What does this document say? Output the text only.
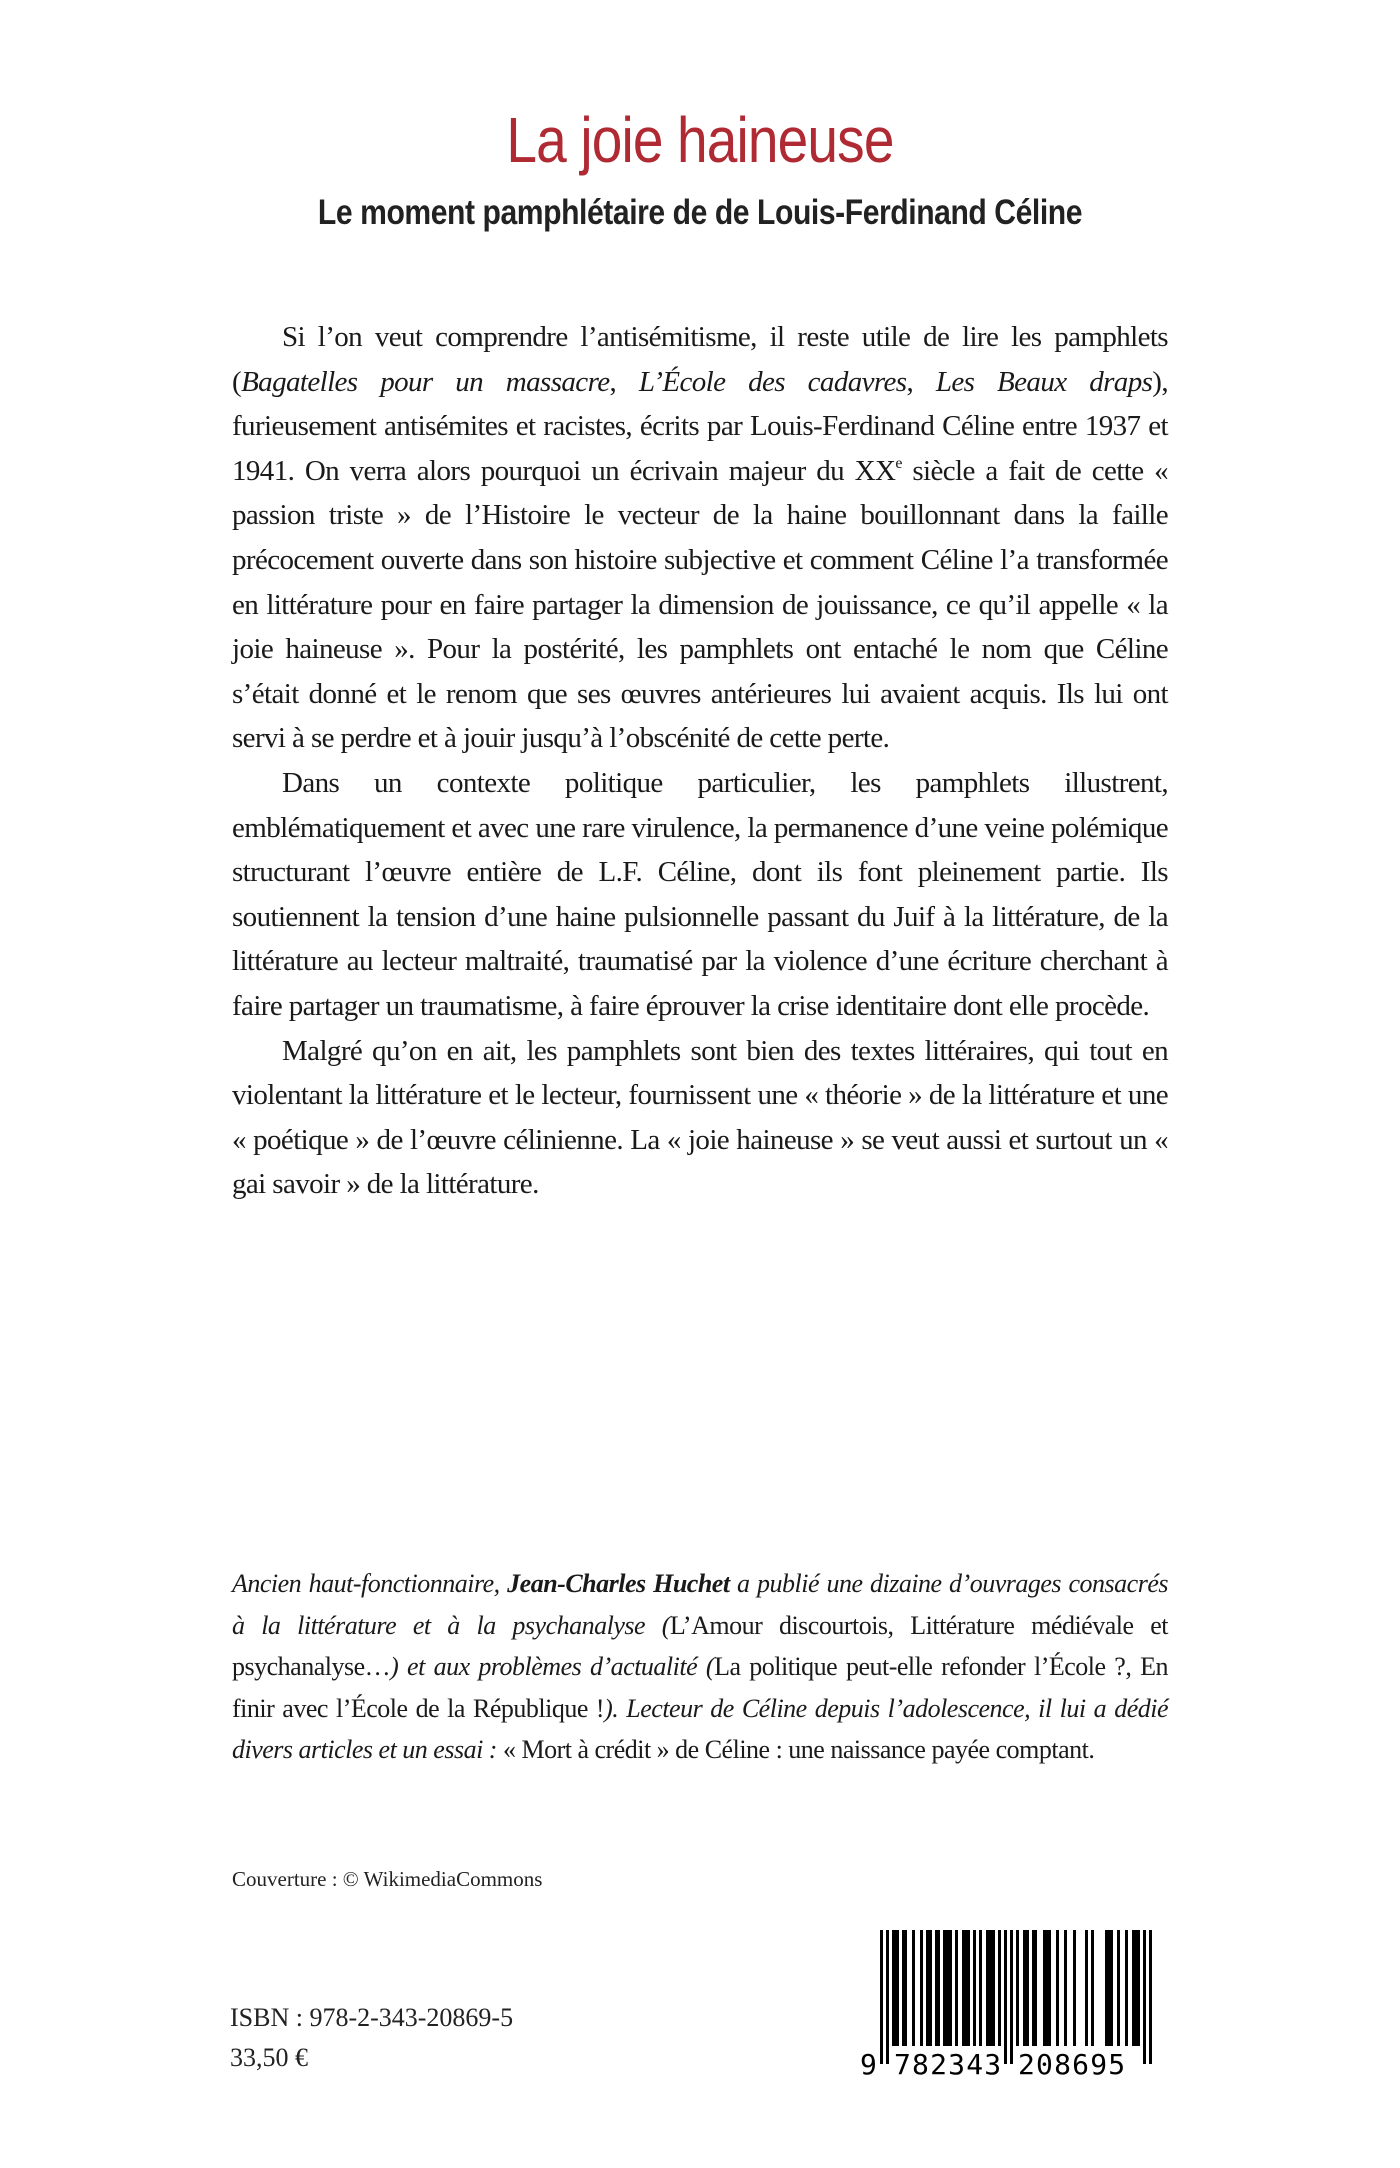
La joie haineuse
Le moment pamphlétaire de de Louis-Ferdinand Céline

Si l’on veut comprendre l’antisémitisme, il reste utile de lire les pamphlets (Bagatelles pour un massacre, L’École des cadavres, Les Beaux draps), furieusement antisémites et racistes, écrits par Louis-Ferdinand Céline entre 1937 et 1941. On verra alors pourquoi un écrivain majeur du XXe siècle a fait de cette « passion triste » de l’Histoire le vecteur de la haine bouillonnant dans la faille précocement ouverte dans son histoire subjective et comment Céline l’a transformée en littérature pour en faire partager la dimension de jouissance, ce qu’il appelle « la joie haineuse ». Pour la postérité, les pamphlets ont entaché le nom que Céline s’était donné et le renom que ses œuvres antérieures lui avaient acquis. Ils lui ont servi à se perdre et à jouir jusqu’à l’obscénité de cette perte.

Dans un contexte politique particulier, les pamphlets illustrent, emblématiquement et avec une rare virulence, la permanence d’une veine polémique structurant l’œuvre entière de L.F. Céline, dont ils font pleinement partie. Ils soutiennent la tension d’une haine pulsionnelle passant du Juif à la littérature, de la littérature au lecteur maltraité, traumatisé par la violence d’une écriture cherchant à faire partager un traumatisme, à faire éprouver la crise identitaire dont elle procède.

Malgré qu’on en ait, les pamphlets sont bien des textes littéraires, qui tout en violentant la littérature et le lecteur, fournissent une « théorie » de la littérature et une « poétique » de l’œuvre célinienne. La « joie haineuse » se veut aussi et surtout un « gai savoir » de la littérature.

Ancien haut-fonctionnaire, Jean-Charles Huchet a publié une dizaine d’ouvrages consacrés à la littérature et à la psychanalyse (L’Amour discourtois, Littérature médiévale et psychanalyse…) et aux problèmes d’actualité (La politique peut-elle refonder l’École ?, En finir avec l’École de la République !). Lecteur de Céline depuis l’adolescence, il lui a dédié divers articles et un essai : « Mort à crédit » de Céline : une naissance payée comptant.
Couverture : © WikimediaCommons
ISBN : 978-2-343-20869-5
33,50 €	9 782343 208695
